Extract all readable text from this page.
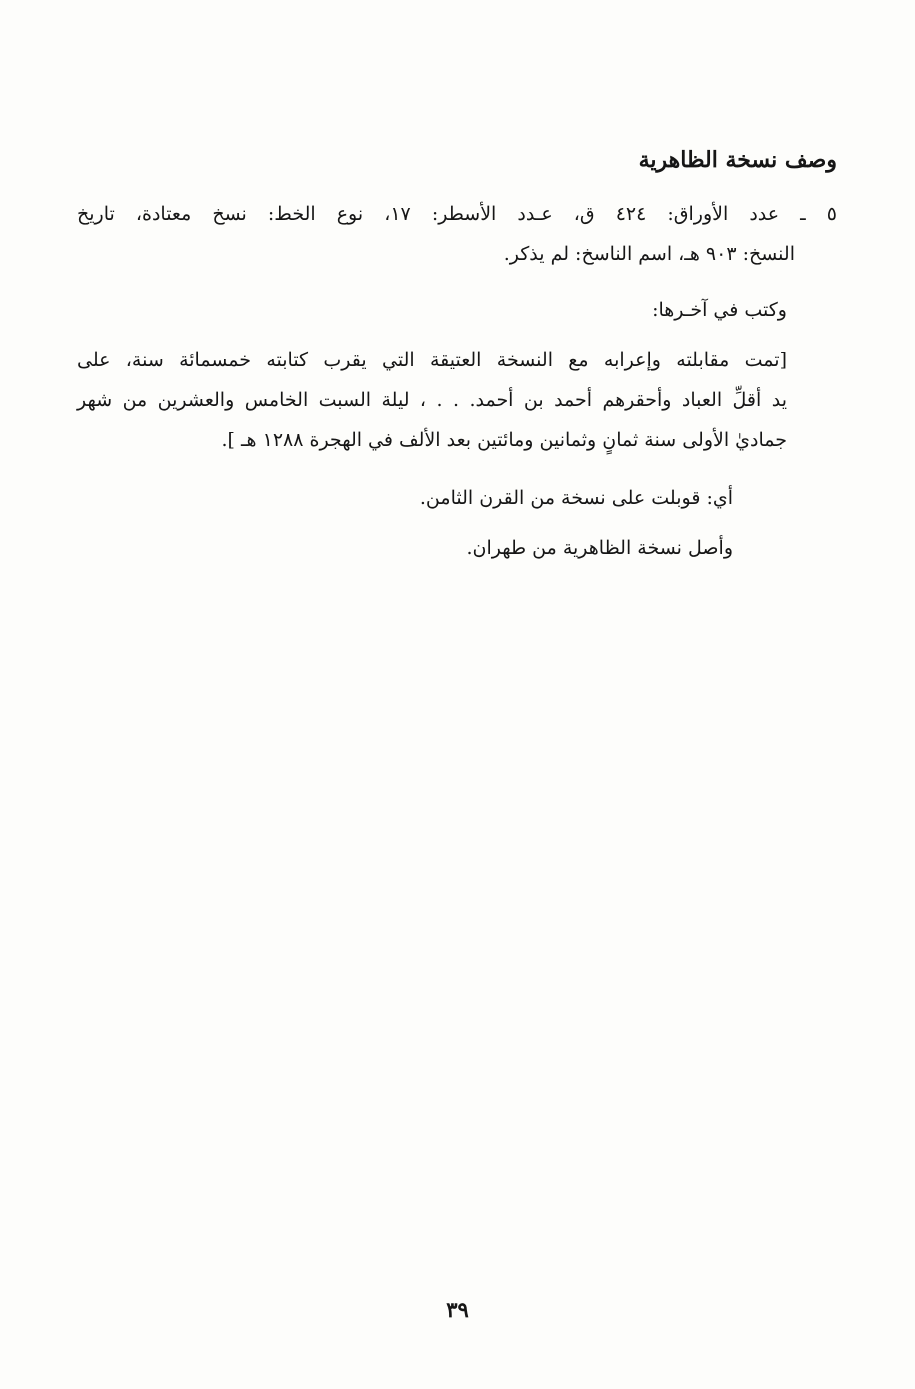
وصف نسخة الظاهرية
٥ ـ عدد الأوراق: ٤٢٤ ق، عـدد الأسطر: ١٧، نوع الخط: نسخ معتادة، تاريخ
النسخ: ٩٠٣ هـ، اسم الناسخ: لم يذكر.
وكتب في آخـرها:
[تمت مقابلته وإعرابه مع النسخة العتيقة التي يقرب كتابته خمسمائة سنة، على
يد أقلِّ العباد وأحقرهم أحمد بن أحمد. . . ، ليلة السبت الخامس والعشرين من شهر
جماديٰ الأولى سنة ثمانٍ وثمانين ومائتين بعد الألف في الهجرة ١٢٨٨ هـ ].
أي: قوبلت على نسخة من القرن الثامن.
وأصل نسخة الظاهرية من طهران.
٣٩
